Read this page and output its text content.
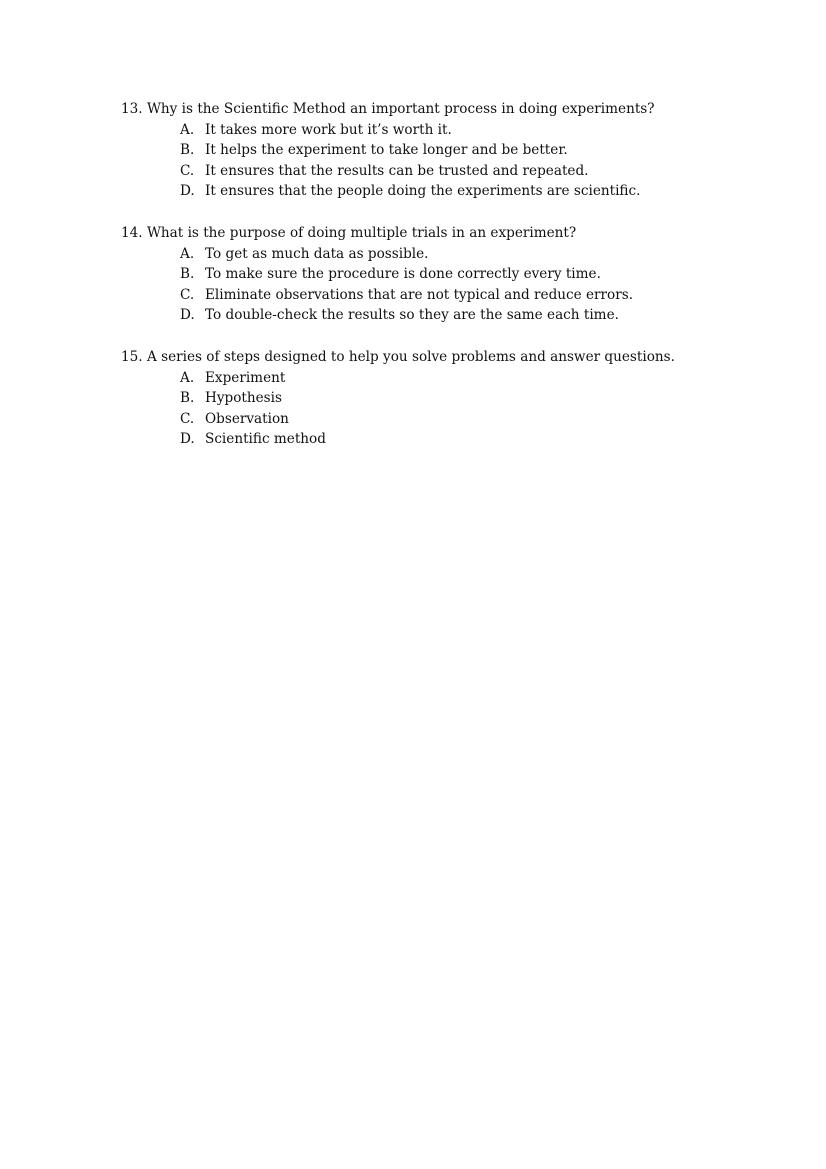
13. Why is the Scientific Method an important process in doing experiments?
A. It takes more work but it’s worth it.
B. It helps the experiment to take longer and be better.
C. It ensures that the results can be trusted and repeated.
D. It ensures that the people doing the experiments are scientific.
14. What is the purpose of doing multiple trials in an experiment?
A. To get as much data as possible.
B. To make sure the procedure is done correctly every time.
C. Eliminate observations that are not typical and reduce errors.
D. To double-check the results so they are the same each time.
15. A series of steps designed to help you solve problems and answer questions.
A. Experiment
B. Hypothesis
C. Observation
D. Scientific method
